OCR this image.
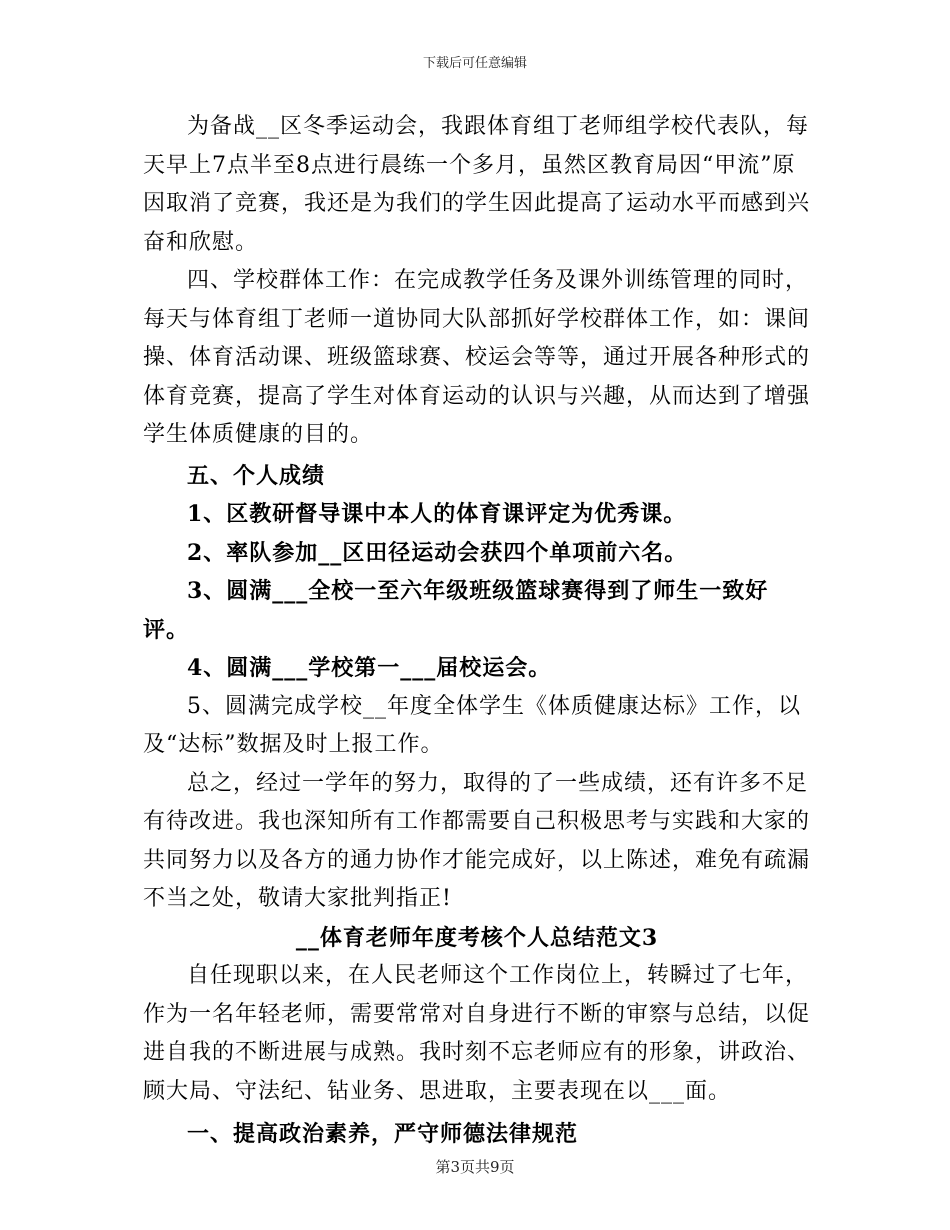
下载后可任意编辑

为备战__区冬季运动会，我跟体育组丁老师组学校代表队，每天早上7点半至8点进行晨练一个多月，虽然区教育局因“甲流”原因取消了竞赛，我还是为我们的学生因此提高了运动水平而感到兴奋和欣慰。

四、学校群体工作：在完成教学任务及课外训练管理的同时，每天与体育组丁老师一道协同大队部抓好学校群体工作，如：课间操、体育活动课、班级篮球赛、校运会等等，通过开展各种形式的体育竞赛，提高了学生对体育运动的认识与兴趣，从而达到了增强学生体质健康的目的。

五、个人成绩

1、区教研督导课中本人的体育课评定为优秀课。

2、率队参加__区田径运动会获四个单项前六名。

3、圆满___全校一至六年级班级篮球赛得到了师生一致好评。

4、圆满___学校第一___届校运会。

5、圆满完成学校__年度全体学生《体质健康达标》工作，以及“达标”数据及时上报工作。

总之，经过一学年的努力，取得的了一些成绩，还有许多不足有待改进。我也深知所有工作都需要自己积极思考与实践和大家的共同努力以及各方的通力协作才能完成好，以上陈述，难免有疏漏不当之处，敬请大家批判指正!

__体育老师年度考核个人总结范文3

自任现职以来，在人民老师这个工作岗位上，转瞬过了七年，作为一名年轻老师，需要常常对自身进行不断的审察与总结，以促进自我的不断进展与成熟。我时刻不忘老师应有的形象，讲政治、顾大局、守法纪、钻业务、思进取，主要表现在以___面。

一、提高政治素养，严守师德法律规范

第3页共9页
